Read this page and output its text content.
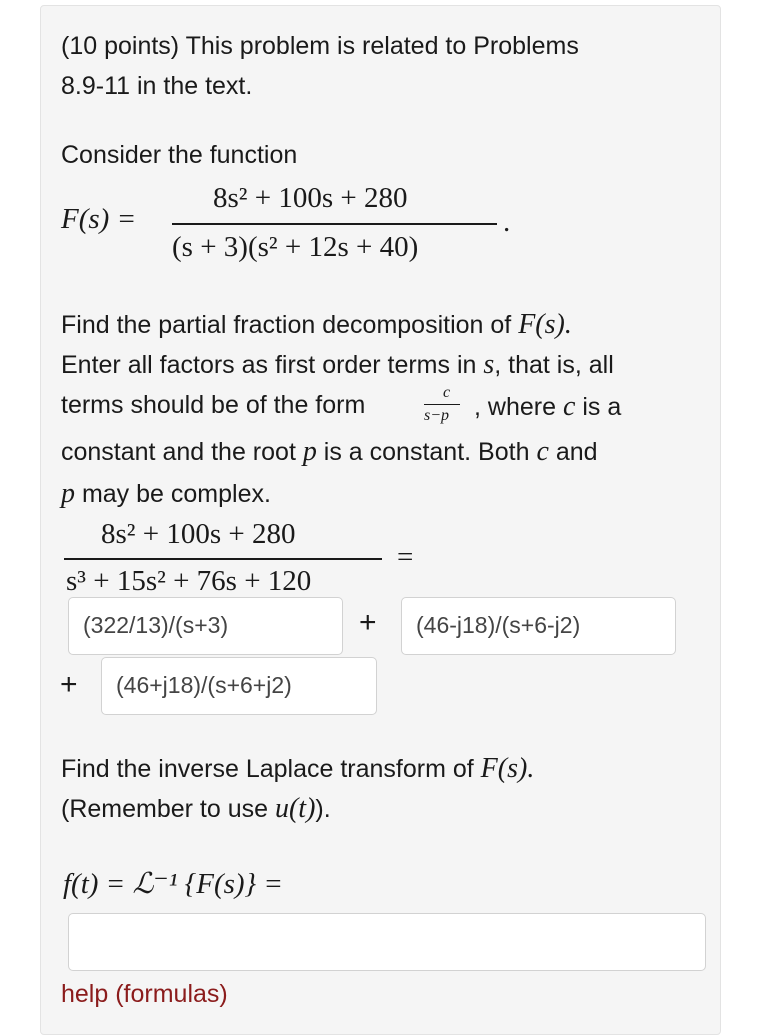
(10 points) This problem is related to Problems
8.9-11 in the text.
Consider the function
F(s) =
8s² + 100s + 280
(s + 3)(s² + 12s + 40)
.
Find the partial fraction decomposition of F(s).
Enter all factors as first order terms in s, that is, all
terms should be of the form	c
s−p , where c is a
constant and the root p is a constant. Both c and
p may be complex.
8s² + 100s + 280
s³ + 15s² + 76s + 120
=
(322/13)/(s+3)	+	(46-j18)/(s+6-j2)
+	(46+j18)/(s+6+j2)
Find the inverse Laplace transform of F(s).
(Remember to use u(t)).
f(t) = ℒ⁻¹ {F(s)} =
help (formulas)
